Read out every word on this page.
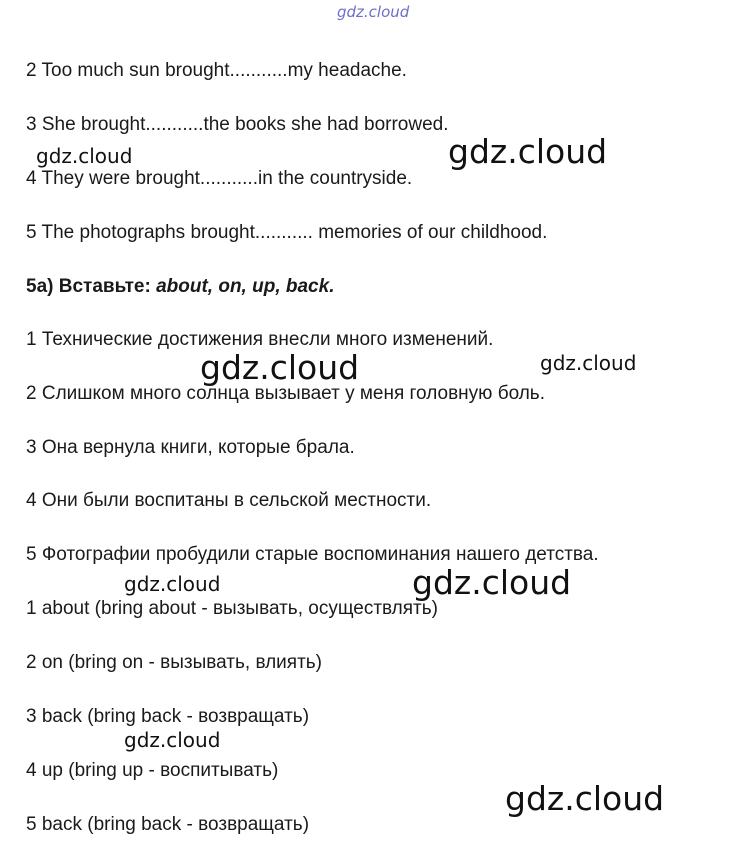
gdz.cloud
2 Too much sun brought...........my headache.
3 She brought...........the books she had borrowed.
4 They were brought...........in the countryside.
5 The photographs brought........... memories of our childhood.
5a) Вставьте: about, on, up, back.
1 Технические достижения внесли много изменений.
2 Слишком много солнца вызывает у меня головную боль.
3 Она вернула книги, которые брала.
4 Они были воспитаны в сельской местности.
5 Фотографии пробудили старые воспоминания нашего детства.
1 about (bring about - вызывать, осуществлять)
2 on (bring on - вызывать, влиять)
3 back (bring back - возвращать)
4 up (bring up - воспитывать)
5 back (bring back - возвращать)
gdz.cloud	gdz.cloud
gdz.cloud	gdz.cloud
gdz.cloud	gdz.cloud
gdz.cloud
gdz.cloud
